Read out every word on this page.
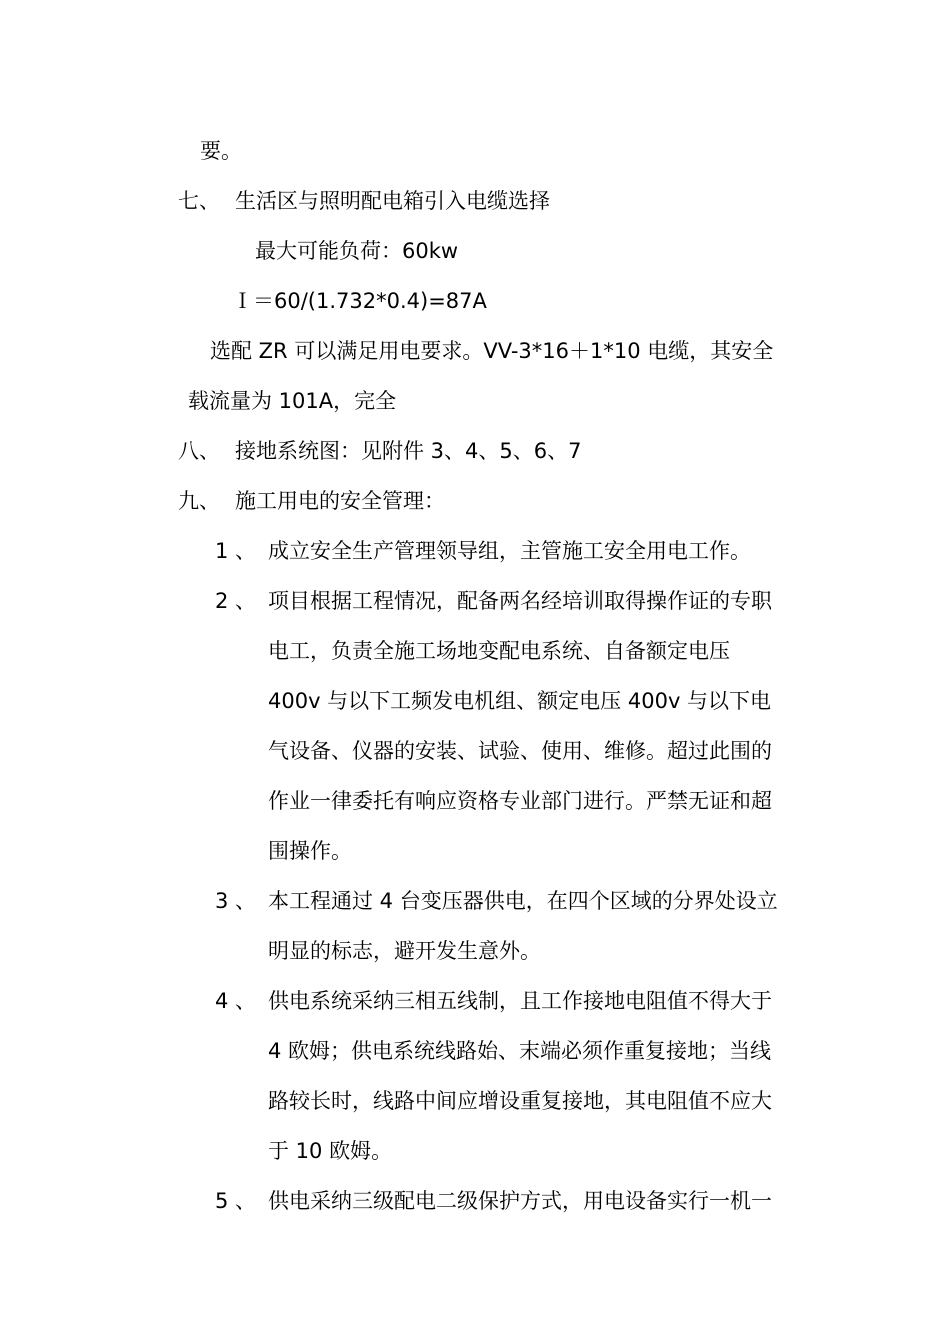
要。
七、 生活区与照明配电箱引入电缆选择
最大可能负荷：60kw
Ｉ＝60/(1.732*0.4)=87A
选配 ZR 可以满足用电要求。VV-3*16＋1*10 电缆，其安全
载流量为 101A，完全
八、 接地系统图：见附件 3、4、5、6、7
九、 施工用电的安全管理：
1 、 成立安全生产管理领导组，主管施工安全用电工作。
2 、 项目根据工程情况，配备两名经培训取得操作证的专职
电工，负责全施工场地变配电系统、自备额定电压
400v 与以下工频发电机组、额定电压 400v 与以下电
气设备、仪器的安装、试验、使用、维修。超过此围的
作业一律委托有响应资格专业部门进行。严禁无证和超
围操作。
3 、 本工程通过 4 台变压器供电，在四个区域的分界处设立
明显的标志，避开发生意外。
4 、 供电系统采纳三相五线制，且工作接地电阻值不得大于
4 欧姆；供电系统线路始、末端必须作重复接地；当线
路较长时，线路中间应增设重复接地，其电阻值不应大
于 10 欧姆。
5 、 供电采纳三级配电二级保护方式，用电设备实行一机一
